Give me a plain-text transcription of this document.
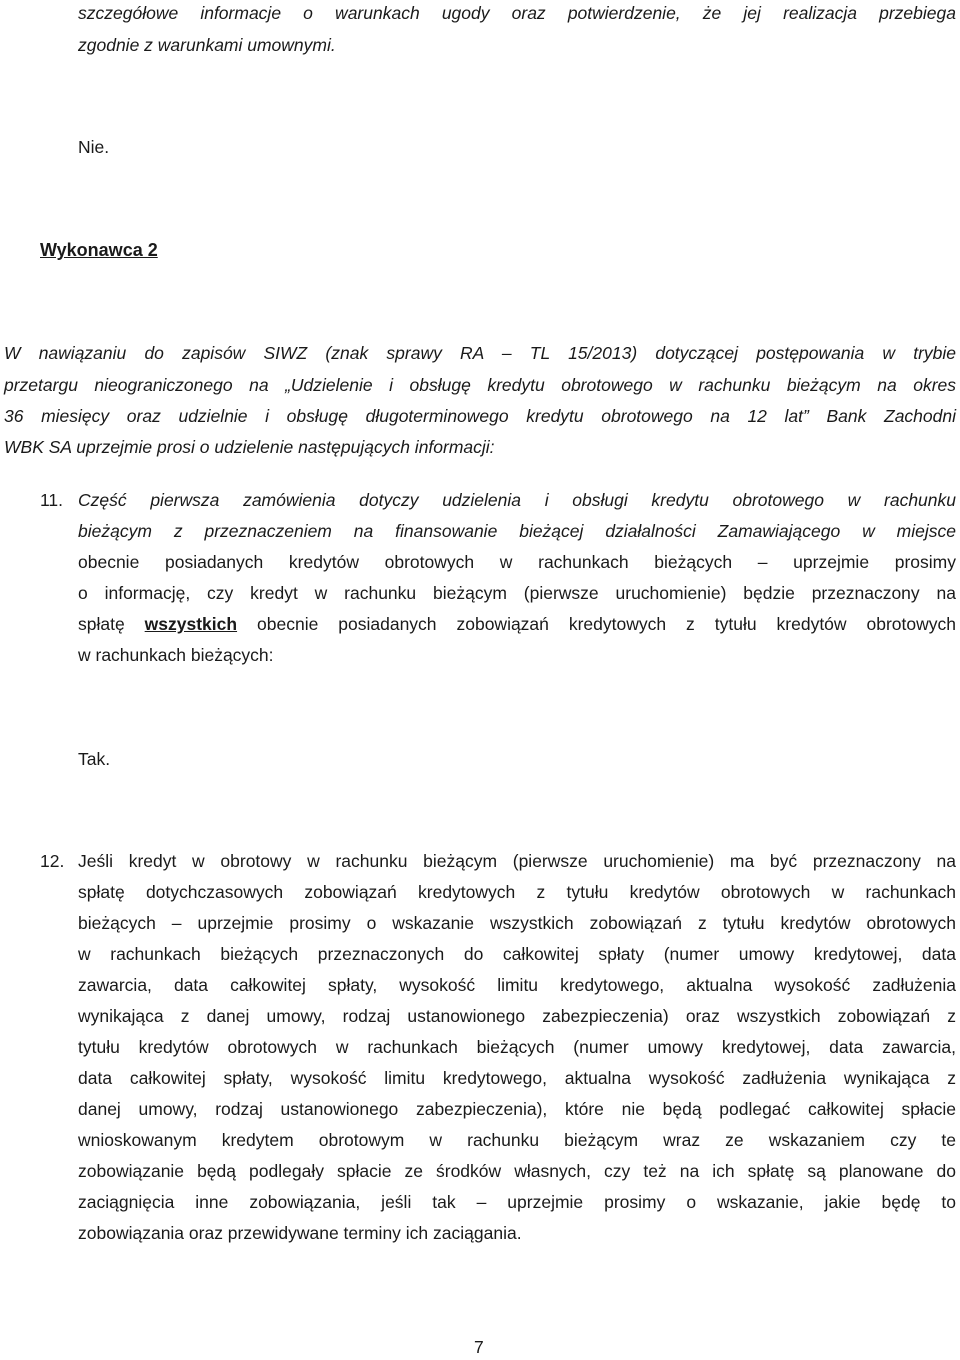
szczegółowe informacje o warunkach ugody oraz potwierdzenie, że jej realizacja przebiega
zgodnie z warunkami umownymi.
Nie.
Wykonawca 2
W nawiązaniu do zapisów SIWZ (znak sprawy RA – TL 15/2013) dotyczącej postępowania w trybie
przetargu nieograniczonego na „Udzielenie i obsługę kredytu obrotowego w rachunku bieżącym na okres
36 miesięcy oraz udzielnie i obsługę długoterminowego kredytu obrotowego na 12 lat” Bank Zachodni
WBK SA uprzejmie prosi o udzielenie następujących informacji:
11. Część pierwsza zamówienia dotyczy udzielenia i obsługi kredytu obrotowego w rachunku
bieżącym z przeznaczeniem na finansowanie bieżącej działalności Zamawiającego w miejsce
obecnie posiadanych kredytów obrotowych w rachunkach bieżących – uprzejmie prosimy
o informację, czy kredyt w rachunku bieżącym (pierwsze uruchomienie) będzie przeznaczony na
spłatę wszystkich obecnie posiadanych zobowiązań kredytowych z tytułu kredytów obrotowych
w rachunkach bieżących:
Tak.
12. Jeśli kredyt w obrotowy w rachunku bieżącym (pierwsze uruchomienie) ma być przeznaczony na
spłatę dotychczasowych zobowiązań kredytowych z tytułu kredytów obrotowych w rachunkach
bieżących – uprzejmie prosimy o wskazanie wszystkich zobowiązań z tytułu kredytów obrotowych
w rachunkach bieżących przeznaczonych do całkowitej spłaty (numer umowy kredytowej, data
zawarcia, data całkowitej spłaty, wysokość limitu kredytowego, aktualna wysokość zadłużenia
wynikająca z danej umowy, rodzaj ustanowionego zabezpieczenia) oraz wszystkich zobowiązań z
tytułu kredytów obrotowych w rachunkach bieżących (numer umowy kredytowej, data zawarcia,
data całkowitej spłaty, wysokość limitu kredytowego, aktualna wysokość zadłużenia wynikająca z
danej umowy, rodzaj ustanowionego zabezpieczenia), które nie będą podlegać całkowitej spłacie
wnioskowanym kredytem obrotowym w rachunku bieżącym wraz ze wskazaniem czy te
zobowiązanie będą podlegały spłacie ze środków własnych, czy też na ich spłatę są planowane do
zaciągnięcia inne zobowiązania, jeśli tak – uprzejmie prosimy o wskazanie, jakie będę to
zobowiązania oraz przewidywane terminy ich zaciągania.
7
